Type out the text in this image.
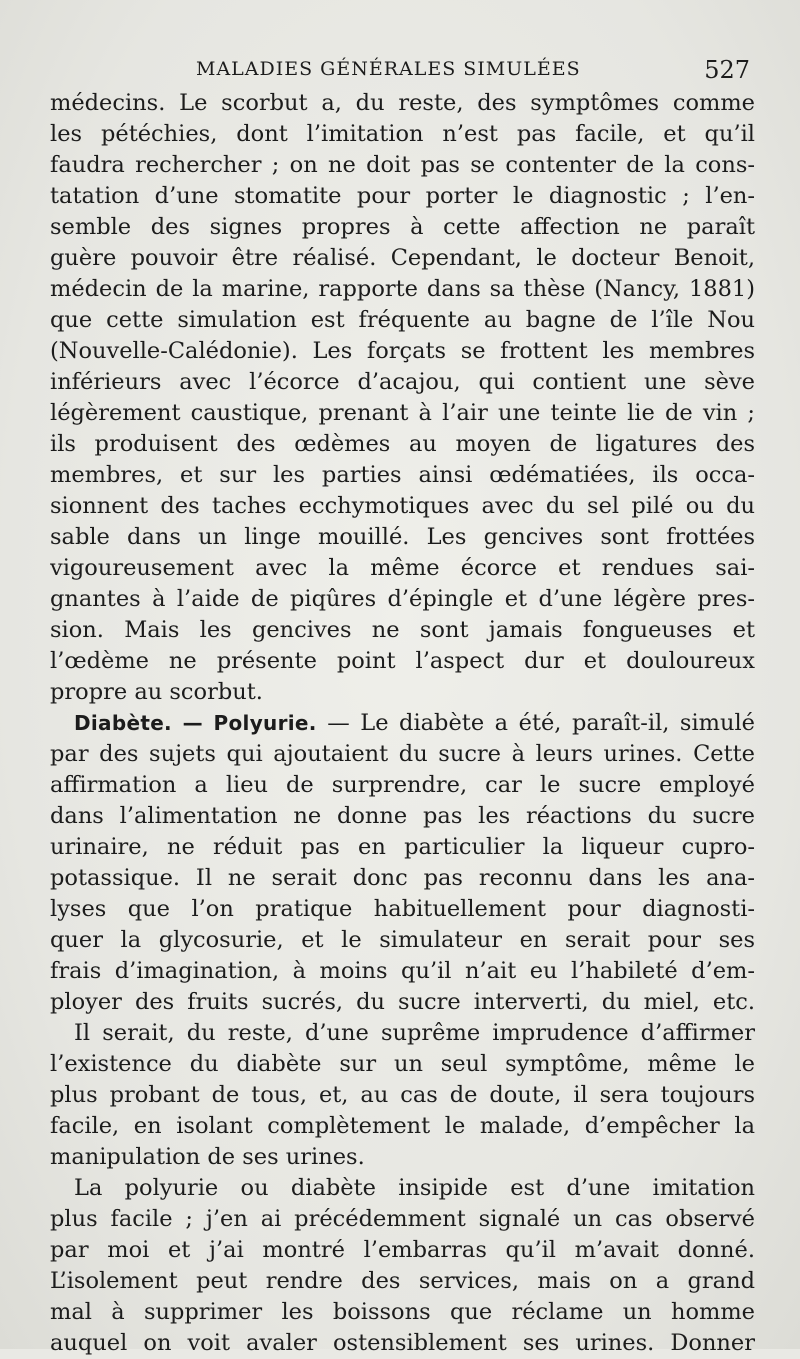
MALADIES GÉNÉRALES SIMULÉES	527
médecins. Le scorbut a, du reste, des symptômes comme
les pétéchies, dont l’imitation n’est pas facile, et qu’il
faudra rechercher ; on ne doit pas se contenter de la cons-
tatation d’une stomatite pour porter le diagnostic ; l’en-
semble des signes propres à cette affection ne paraît
guère pouvoir être réalisé. Cependant, le docteur Benoit,
médecin de la marine, rapporte dans sa thèse (Nancy, 1881)
que cette simulation est fréquente au bagne de l’île Nou
(Nouvelle-Calédonie). Les forçats se frottent les membres
inférieurs avec l’écorce d’acajou, qui contient une sève
légèrement caustique, prenant à l’air une teinte lie de vin ;
ils produisent des œdèmes au moyen de ligatures des
membres, et sur les parties ainsi œdématiées, ils occa-
sionnent des taches ecchymotiques avec du sel pilé ou du
sable dans un linge mouillé. Les gencives sont frottées
vigoureusement avec la même écorce et rendues sai-
gnantes à l’aide de piqûres d’épingle et d’une légère pres-
sion. Mais les gencives ne sont jamais fongueuses et
l’œdème ne présente point l’aspect dur et douloureux
propre au scorbut.
Diabète. — Polyurie. — Le diabète a été, paraît-il, simulé
par des sujets qui ajoutaient du sucre à leurs urines. Cette
affirmation a lieu de surprendre, car le sucre employé
dans l’alimentation ne donne pas les réactions du sucre
urinaire, ne réduit pas en particulier la liqueur cupro-
potassique. Il ne serait donc pas reconnu dans les ana-
lyses que l’on pratique habituellement pour diagnosti-
quer la glycosurie, et le simulateur en serait pour ses
frais d’imagination, à moins qu’il n’ait eu l’habileté d’em-
ployer des fruits sucrés, du sucre interverti, du miel, etc.
Il serait, du reste, d’une suprême imprudence d’affirmer
l’existence du diabète sur un seul symptôme, même le
plus probant de tous, et, au cas de doute, il sera toujours
facile, en isolant complètement le malade, d’empêcher la
manipulation de ses urines.
La polyurie ou diabète insipide est d’une imitation
plus facile ; j’en ai précédemment signalé un cas observé
par moi et j’ai montré l’embarras qu’il m’avait donné.
L’isolement peut rendre des services, mais on a grand
mal à supprimer les boissons que réclame un homme
auquel on voit avaler ostensiblement ses urines. Donner
